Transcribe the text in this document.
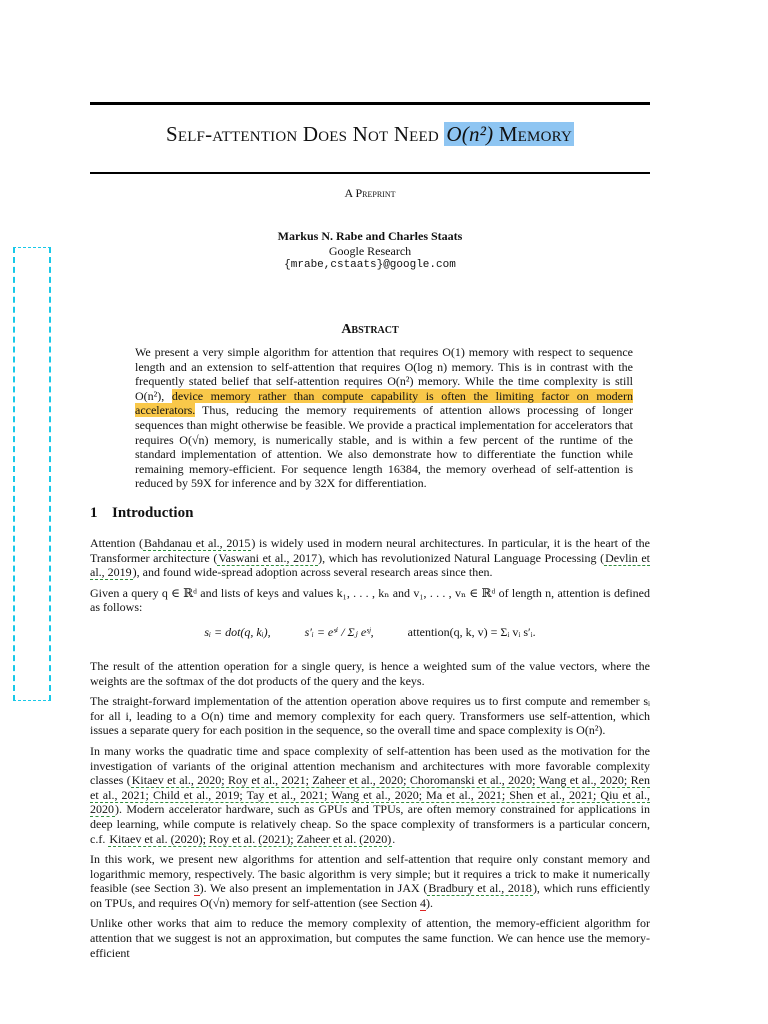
Self-attention Does Not Need O(n²) Memory
A Preprint
Markus N. Rabe and Charles Staats
Google Research
{mrabe,cstaats}@google.com
Abstract
We present a very simple algorithm for attention that requires O(1) memory with respect to sequence length and an extension to self-attention that requires O(log n) memory. This is in contrast with the frequently stated belief that self-attention requires O(n²) memory. While the time complexity is still O(n²), device memory rather than compute capability is often the limiting factor on modern accelerators. Thus, reducing the memory requirements of attention allows processing of longer sequences than might otherwise be feasible. We provide a practical implementation for accelerators that requires O(√n) memory, is numerically stable, and is within a few percent of the runtime of the standard implementation of attention. We also demonstrate how to differentiate the function while remaining memory-efficient. For sequence length 16384, the memory overhead of self-attention is reduced by 59X for inference and by 32X for differentiation.
1 Introduction

Attention (Bahdanau et al., 2015) is widely used in modern neural architectures. In particular, it is the heart of the Transformer architecture (Vaswani et al., 2017), which has revolutionized Natural Language Processing (Devlin et al., 2019), and found wide-spread adoption across several research areas since then.

Given a query q ∈ ℝᵈ and lists of keys and values k₁, . . . , kₙ and v₁, . . . , vₙ ∈ ℝᵈ of length n, attention is defined as follows:

sᵢ = dot(q, kᵢ),	s′ᵢ = eˢⁱ / Σⱼ eˢʲ,	attention(q, k, v) = Σᵢ vᵢ s′ᵢ.

The result of the attention operation for a single query, is hence a weighted sum of the value vectors, where the weights are the softmax of the dot products of the query and the keys.

The straight-forward implementation of the attention operation above requires us to first compute and remember sᵢ for all i, leading to a O(n) time and memory complexity for each query. Transformers use self-attention, which issues a separate query for each position in the sequence, so the overall time and space complexity is O(n²).

In many works the quadratic time and space complexity of self-attention has been used as the motivation for the investigation of variants of the original attention mechanism and architectures with more favorable complexity classes (Kitaev et al., 2020; Roy et al., 2021; Zaheer et al., 2020; Choromanski et al., 2020; Wang et al., 2020; Ren et al., 2021; Child et al., 2019; Tay et al., 2021; Wang et al., 2020; Ma et al., 2021; Shen et al., 2021; Qiu et al., 2020). Modern accelerator hardware, such as GPUs and TPUs, are often memory constrained for applications in deep learning, while compute is relatively cheap. So the space complexity of transformers is a particular concern, c.f. Kitaev et al. (2020); Roy et al. (2021); Zaheer et al. (2020).

In this work, we present new algorithms for attention and self-attention that require only constant memory and logarithmic memory, respectively. The basic algorithm is very simple; but it requires a trick to make it numerically feasible (see Section 3). We also present an implementation in JAX (Bradbury et al., 2018), which runs efficiently on TPUs, and requires O(√n) memory for self-attention (see Section 4).

Unlike other works that aim to reduce the memory complexity of attention, the memory-efficient algorithm for attention that we suggest is not an approximation, but computes the same function. We can hence use the memory-efficient
